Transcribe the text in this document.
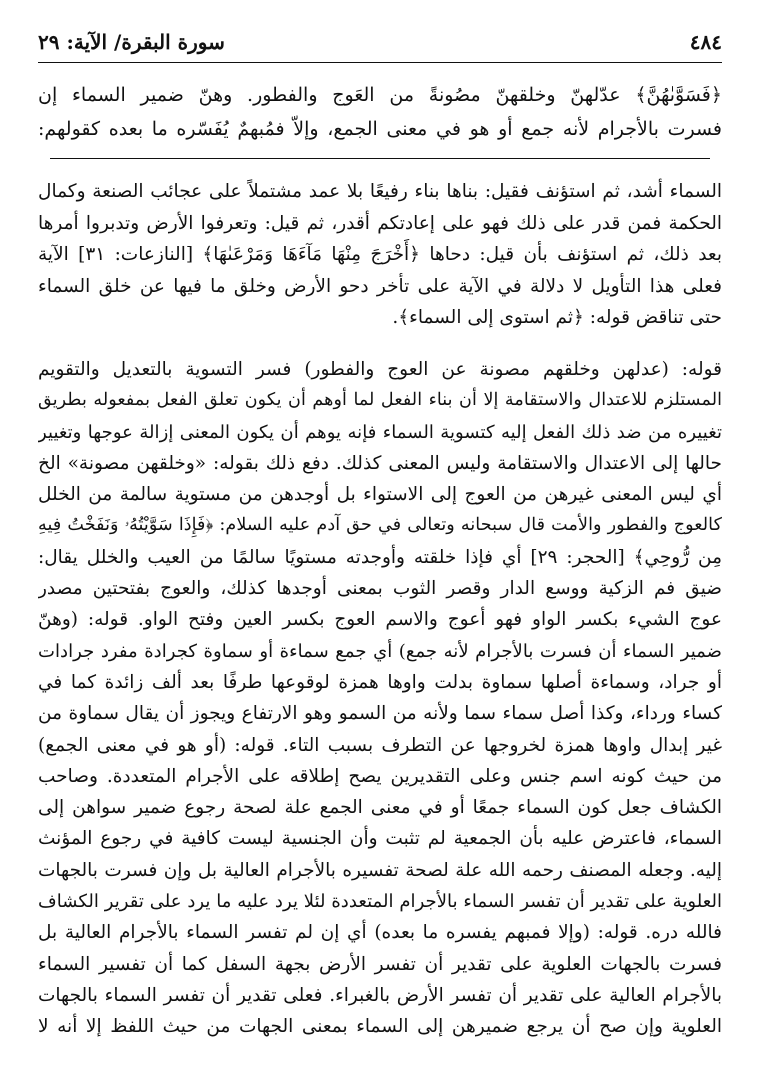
٤٨٤
سورة البقرة/ الآية: ٢٩
﴿فَسَوَّىٰهُنَّ﴾ عدّلهنّ وخلقهنّ مصُونةً من العَوج والفطور. وهنّ ضمير السماء إن
فسرت بالأجرام لأنه جمع أو هو في معنى الجمع، وإلاّ فمُبهمٌ يُفَسّره ما بعده كقولهم:
السماء أشد، ثم استؤنف فقيل: بناها بناء رفيعًا بلا عمد مشتملاً على عجائب الصنعة وكمال
الحكمة فمن قدر على ذلك فهو على إعادتكم أقدر، ثم قيل: وتعرفوا الأرض وتدبروا أمرها
بعد ذلك، ثم استؤنف بأن قيل: دحاها ﴿أَخْرَجَ مِنْهَا مَآءَهَا وَمَرْعَىٰهَا﴾ [النازعات: ٣١] الآية
فعلى هذا التأويل لا دلالة في الآية على تأخر دحو الأرض وخلق ما فيها عن خلق السماء
حتى تناقض قوله: ﴿ثم استوى إلى السماء﴾.
قوله: (عدلهن وخلقهم مصونة عن العوج والفطور) فسر التسوية بالتعديل والتقويم
المستلزم للاعتدال والاستقامة إلا أن بناء الفعل لما أوهم أن يكون تعلق الفعل بمفعوله بطريق
تغييره من ضد ذلك الفعل إليه كتسوية السماء فإنه يوهم أن يكون المعنى إزالة عوجها وتغيير
حالها إلى الاعتدال والاستقامة وليس المعنى كذلك. دفع ذلك بقوله: «وخلقهن مصونة» الخ
أي ليس المعنى غيرهن من العوج إلى الاستواء بل أوجدهن من مستوية سالمة من الخلل
كالعوج والفطور والأمت قال سبحانه وتعالى في حق آدم عليه السلام: ﴿فَإِذَا سَوَّيْتُهُۥ وَنَفَخْتُ فِيهِ
مِن رُّوحِي﴾ [الحجر: ٢٩] أي فإذا خلقته وأوجدته مستويًا سالمًا من العيب والخلل يقال:
ضيق فم الزكية ووسع الدار وقصر الثوب بمعنى أوجدها كذلك، والعوج بفتحتين مصدر
عوج الشيء بكسر الواو فهو أعوج والاسم العوج بكسر العين وفتح الواو. قوله: (وهنّ
ضمير السماء أن فسرت بالأجرام لأنه جمع) أي جمع سماءة أو سماوة كجرادة مفرد جرادات
أو جراد، وسماءة أصلها سماوة بدلت واوها همزة لوقوعها طرفًا بعد ألف زائدة كما في
كساء ورداء، وكذا أصل سماء سما ولأنه من السمو وهو الارتفاع ويجوز أن يقال سماوة من
غير إبدال واوها همزة لخروجها عن التطرف بسبب التاء. قوله: (أو هو في معنى الجمع)
من حيث كونه اسم جنس وعلى التقديرين يصح إطلاقه على الأجرام المتعددة. وصاحب
الكشاف جعل كون السماء جمعًا أو في معنى الجمع علة لصحة رجوع ضمير سواهن إلى
السماء، فاعترض عليه بأن الجمعية لم تثبت وأن الجنسية ليست كافية في رجوع المؤنث
إليه. وجعله المصنف رحمه الله علة لصحة تفسيره بالأجرام العالية بل وإن فسرت بالجهات
العلوية على تقدير أن تفسر السماء بالأجرام المتعددة لئلا يرد عليه ما يرد على تقرير الكشاف
فالله دره. قوله: (وإلا فمبهم يفسره ما بعده) أي إن لم تفسر السماء بالأجرام العالية بل
فسرت بالجهات العلوية على تقدير أن تفسر الأرض بجهة السفل كما أن تفسير السماء
بالأجرام العالية على تقدير أن تفسر الأرض بالغبراء. فعلى تقدير أن تفسر السماء بالجهات
العلوية وإن صح أن يرجع ضميرهن إلى السماء بمعنى الجهات من حيث اللفظ إلا أنه لا
